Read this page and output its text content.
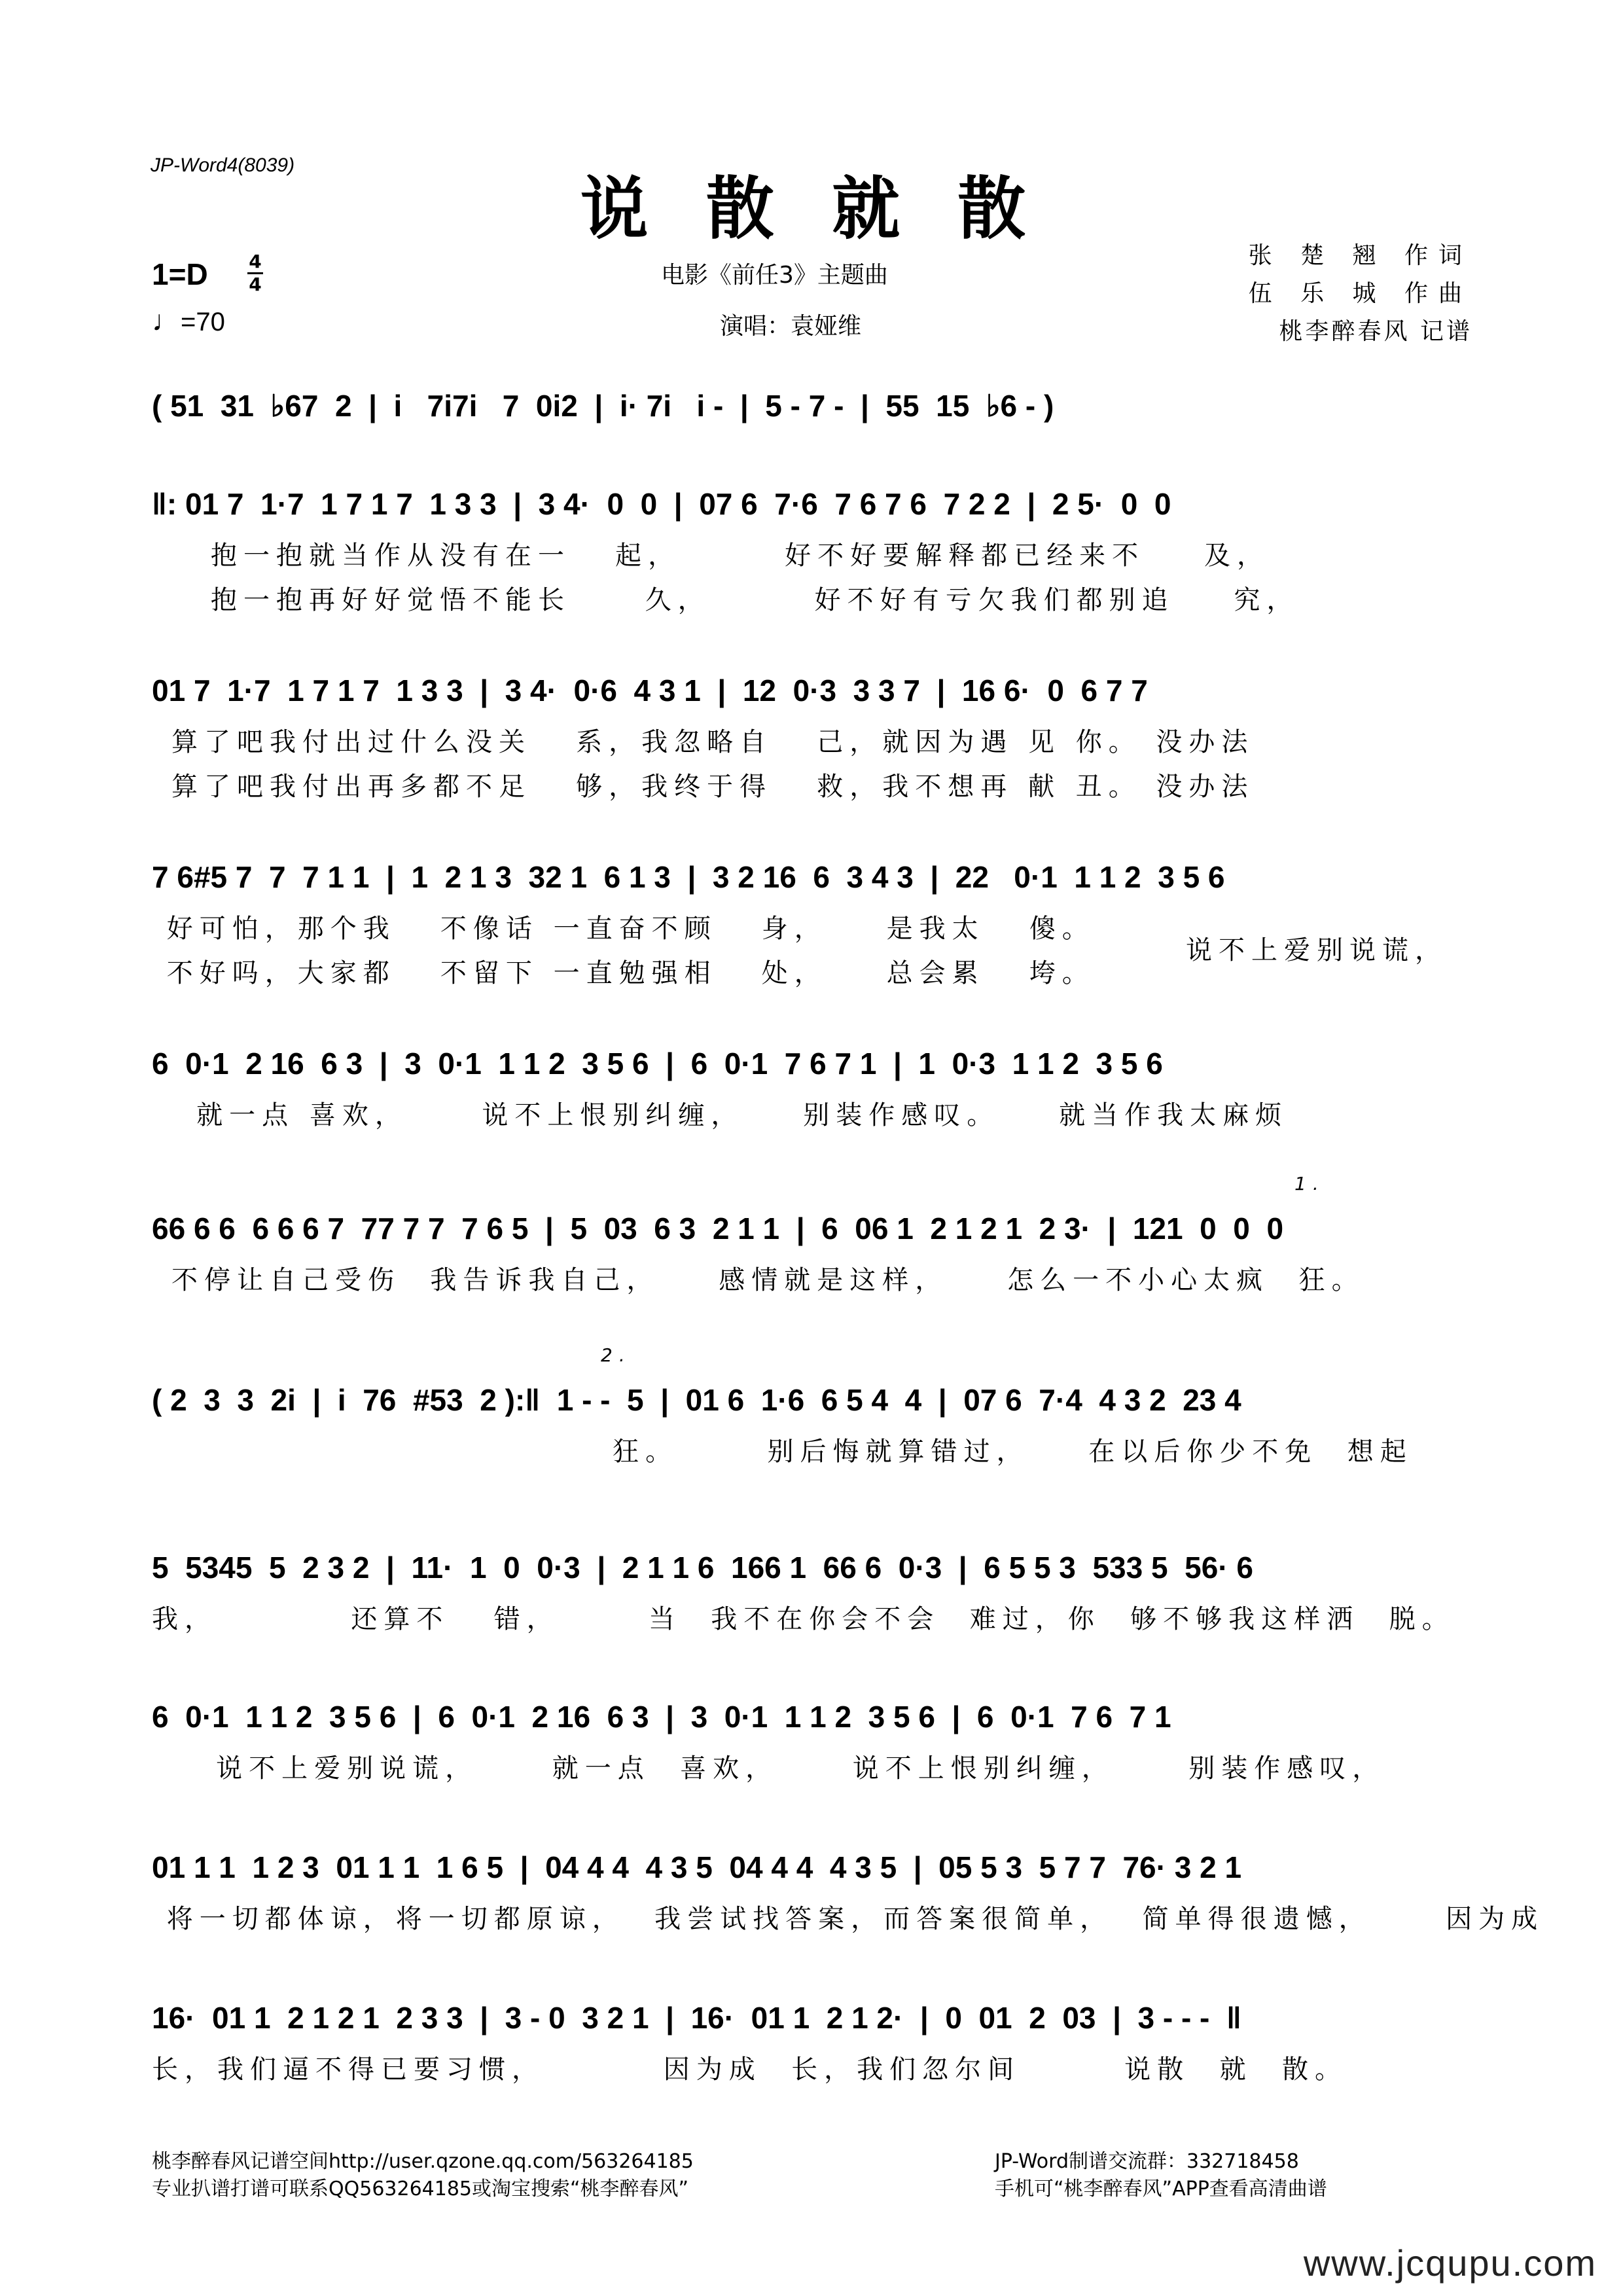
JP-Word4(8039)
说 散 就 散
1=D 4
4
♩=70
电影《前任3》主题曲
演唱：袁娅维
张 楚 翘 作词
伍 乐 城 作曲
桃李醉春风 记谱
( 51  31  ♭67  2  |  i   7i7i   7  0i2  |  i· 7i   i -  |  5 - 7 -  |  55  15  ♭6 - )
‖: 01 7  1·7  1 7 1 7  1 3 3  |  3 4·  0  0  |  07 6  7·6  7 6 7 6  7 2 2  |  2 5·  0  0
抱一抱就当作从没有在一   起，       好不好要解释都已经来不    及，
抱一抱再好好觉悟不能长     久，       好不好有亏欠我们都别追    究，
01 7  1·7  1 7 1 7  1 3 3  |  3 4·  0·6  4 3 1  |  12  0·3  3 3 7  |  16 6·  0  6 7 7
算了吧我付出过什么没关   系，我忽略自   己，就因为遇 见 你。 没办法
算了吧我付出再多都不足   够，我终于得   救，我不想再 献 丑。 没办法
7 6#5 7  7  7 1 1  |  1  2 1 3  32 1  6 1 3  |  3 2 16  6  3 4 3  |  22   0·1  1 1 2  3 5 6
好可怕，那个我   不像话 一直奋不顾   身，    是我太   傻。
不好吗，大家都   不留下 一直勉强相   处，    总会累   垮。
说不上爱别说谎，
6  0·1  2 16  6 3  |  3  0·1  1 1 2  3 5 6  |  6  0·1  7 6 7 1  |  1  0·3  1 1 2  3 5 6
就一点 喜欢，     说不上恨别纠缠，    别装作感叹。    就当作我太麻烦
1.
66 6 6  6 6 6 7  77 7 7  7 6 5  |  5  03  6 3  2 1 1  |  6  06 1  2 1 2 1  2 3·  |  121  0  0  0
不停让自己受伤  我告诉我自己，    感情就是这样，    怎么一不小心太疯  狂。
2.
( 2  3  3  2i  |  i  76  #53  2 ):‖  1 - -  5  |  01 6  1·6  6 5 4  4  |  07 6  7·4  4 3 2  23 4
狂。      别后悔就算错过，    在以后你少不免  想起
5  5345  5  2 3 2  |  11·  1  0  0·3  |  2 1 1 6  166 1  66 6  0·3  |  6 5 5 3  533 5  56· 6
我，         还算不   错，      当  我不在你会不会  难过，你  够不够我这样洒  脱。
6  0·1  1 1 2  3 5 6  |  6  0·1  2 16  6 3  |  3  0·1  1 1 2  3 5 6  |  6  0·1  7 6  7 1
说不上爱别说谎，     就一点  喜欢，     说不上恨别纠缠，     别装作感叹，
01 1 1  1 2 3  01 1 1  1 6 5  |  04 4 4  4 3 5  04 4 4  4 3 5  |  05 5 3  5 7 7  76· 3 2 1
将一切都体谅，将一切都原谅，  我尝试找答案，而答案很简单，  简单得很遗憾，     因为成
16·  01 1  2 1 2 1  2 3 3  |  3 - 0  3 2 1  |  16·  01 1  2 1 2·  |  0  01  2  03  |  3 - - -  ‖
长，我们逼不得已要习惯，        因为成  长，我们忽尔间       说散  就  散。
桃李醉春风记谱空间http://user.qzone.qq.com/563264185
专业扒谱打谱可联系QQ563264185或淘宝搜索“桃李醉春风”
JP-Word制谱交流群：332718458
手机可“桃李醉春风”APP查看高清曲谱
www.jcqupu.com
